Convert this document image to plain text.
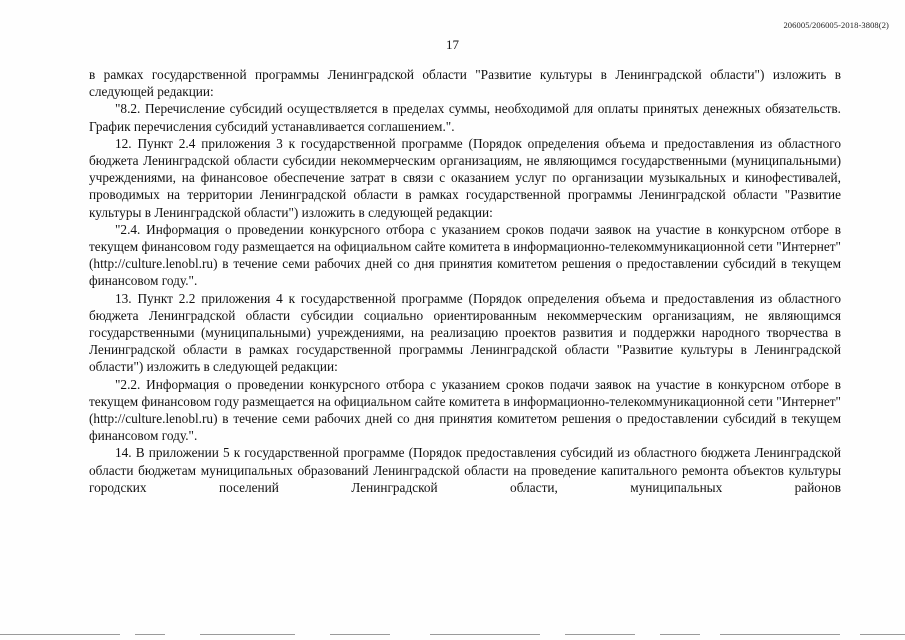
206005/206005-2018-3808(2)
17

в рамках государственной программы Ленинградской области "Развитие культуры в Ленинградской области") изложить в следующей редакции:

"8.2. Перечисление субсидий осуществляется в пределах суммы, необходимой для оплаты принятых денежных обязательств. График перечисления субсидий устанавливается соглашением.".

12. Пункт 2.4 приложения 3 к государственной программе (Порядок определения объема и предоставления из областного бюджета Ленинградской области субсидии некоммерческим организациям, не являющимся государственными (муниципальными) учреждениями, на финансовое обеспечение затрат в связи с оказанием услуг по организации музыкальных и кинофестивалей, проводимых на территории Ленинградской области в рамках государственной программы Ленинградской области "Развитие культуры в Ленинградской области") изложить в следующей редакции:

"2.4. Информация о проведении конкурсного отбора с указанием сроков подачи заявок на участие в конкурсном отборе в текущем финансовом году размещается на официальном сайте комитета в информационно-телекоммуникационной сети "Интернет" (http://culture.lenobl.ru) в течение семи рабочих дней со дня принятия комитетом решения о предоставлении субсидий в текущем финансовом году.".

13. Пункт 2.2 приложения 4 к государственной программе (Порядок определения объема и предоставления из областного бюджета Ленинградской области субсидии социально ориентированным некоммерческим организациям, не являющимся государственными (муниципальными) учреждениями, на реализацию проектов развития и поддержки народного творчества в Ленинградской области в рамках государственной программы Ленинградской области "Развитие культуры в Ленинградской области") изложить в следующей редакции:

"2.2. Информация о проведении конкурсного отбора с указанием сроков подачи заявок на участие в конкурсном отборе в текущем финансовом году размещается на официальном сайте комитета в информационно-телекоммуникационной сети "Интернет" (http://culture.lenobl.ru) в течение семи рабочих дней со дня принятия комитетом решения о предоставлении субсидий в текущем финансовом году.".

14. В приложении 5 к государственной программе (Порядок предоставления субсидий из областного бюджета Ленинградской области бюджетам муниципальных образований Ленинградской области на проведение капитального ремонта объектов культуры городских поселений Ленинградской области, муниципальных районов
